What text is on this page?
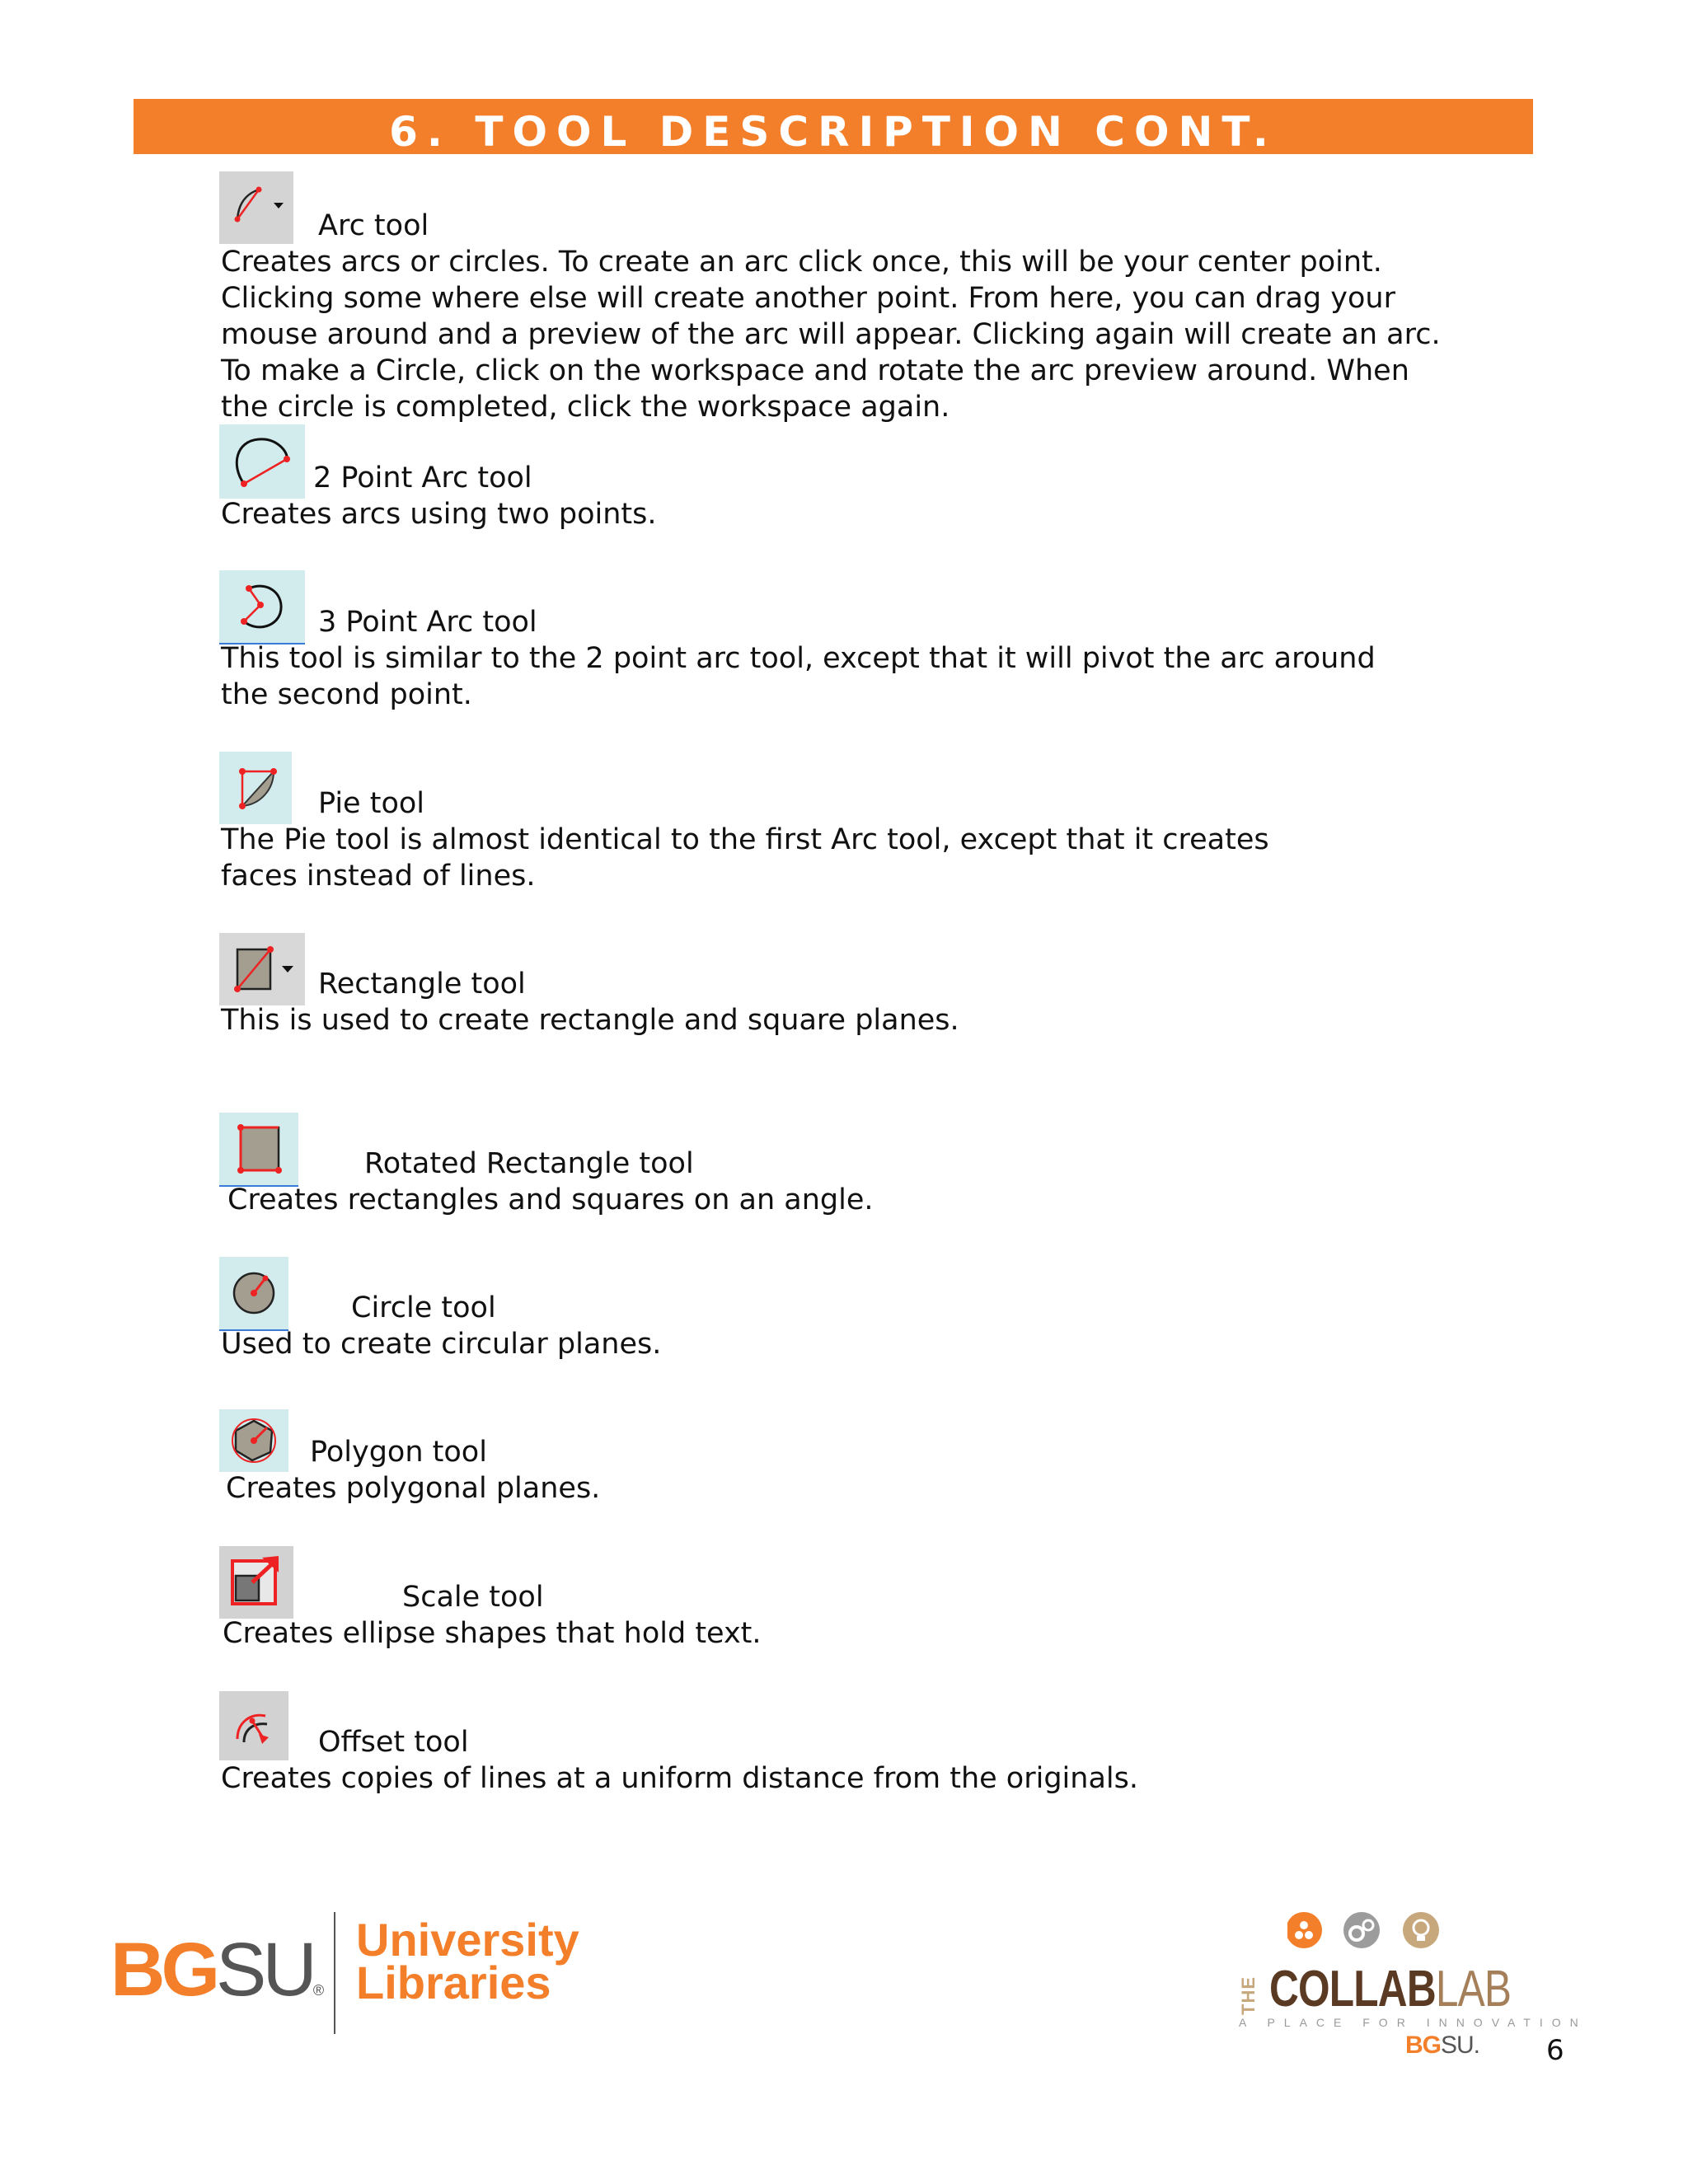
6. TOOL DESCRIPTION CONT.
Arc tool
Creates arcs or circles. To create an arc click once, this will be your center point.
Clicking some where else will create another point. From here, you can drag your
mouse around and a preview of the arc will appear. Clicking again will create an arc.
To make a Circle, click on the workspace and rotate the arc preview around. When
the circle is completed, click the workspace again.
2 Point Arc tool
Creates arcs using two points.
3 Point Arc tool
This tool is similar to the 2 point arc tool, except that it will pivot the arc around
the second point.
Pie tool
The Pie tool is almost identical to the first Arc tool, except that it creates
faces instead of lines.
Rectangle tool
This is used to create rectangle and square planes.
Rotated Rectangle tool
Creates rectangles and squares on an angle.
Circle tool
Used to create circular planes.
Polygon tool
Creates polygonal planes.
Scale tool
Creates ellipse shapes that hold text.
Offset tool
Creates copies of lines at a uniform distance from the originals.
BGSU®
University
Libraries	THE COLLABLAB
A PLACE FOR INNOVATION
BGSU. 6
